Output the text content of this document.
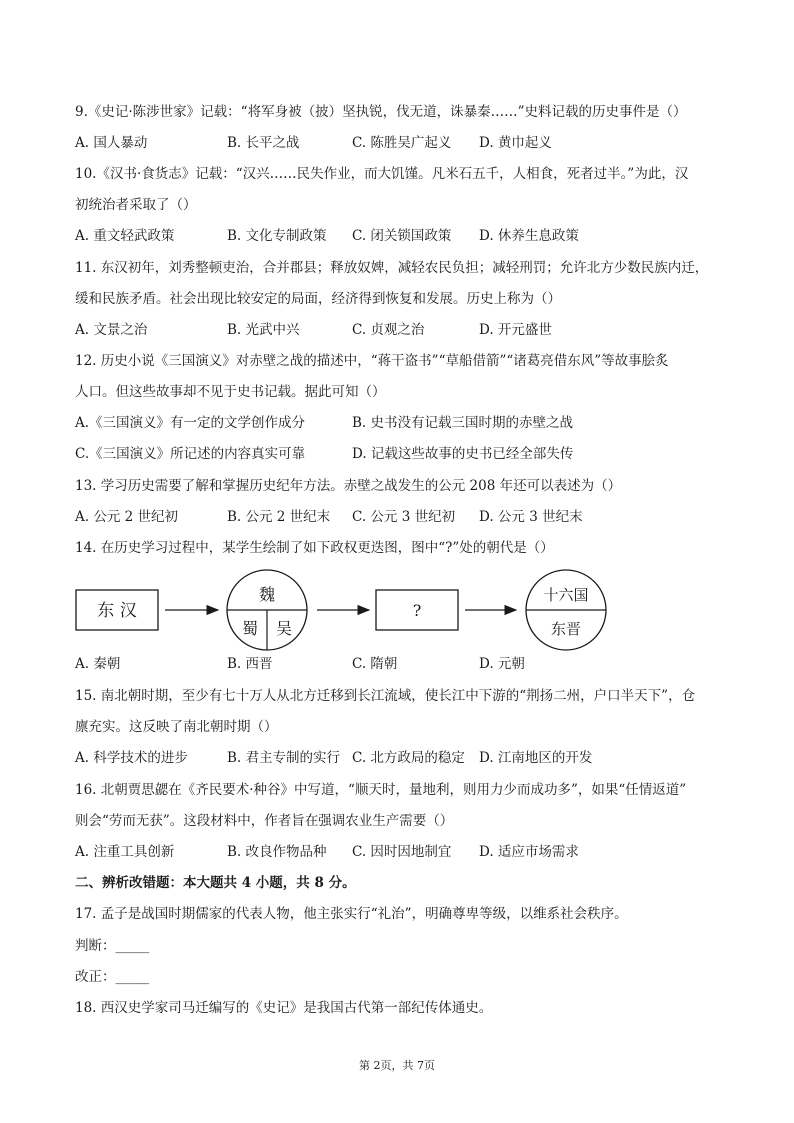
9.《史记·陈涉世家》记载：“将军身被（披）坚执锐，伐无道，诛暴秦……”史料记载的历史事件是（）
A. 国人暴动	B. 长平之战	C. 陈胜吴广起义 D. 黄巾起义
10.《汉书·食货志》记载：“汉兴……民失作业，而大饥馑。凡米石五千，人相食，死者过半。”为此，汉
初统治者采取了（）
A. 重文轻武政策	B. 文化专制政策 C. 闭关锁国政策 D. 休养生息政策
11. 东汉初年，刘秀整顿吏治，合并郡县；释放奴婢，减轻农民负担；减轻刑罚；允许北方少数民族内迁，
缓和民族矛盾。社会出现比较安定的局面，经济得到恢复和发展。历史上称为（）
A. 文景之治	B. 光武中兴	C. 贞观之治	D. 开元盛世
12. 历史小说《三国演义》对赤壁之战的描述中，“蒋干盗书”“草船借箭”“诸葛亮借东风”等故事脍炙
人口。但这些故事却不见于史书记载。据此可知（）
A.《三国演义》有一定的文学创作成分	B. 史书没有记载三国时期的赤壁之战
C.《三国演义》所记述的内容真实可靠	D. 记载这些故事的史书已经全部失传
13. 学习历史需要了解和掌握历史纪年方法。赤壁之战发生的公元 208 年还可以表述为（）
A. 公元 2 世纪初	B. 公元 2 世纪末 C. 公元 3 世纪初 D. 公元 3 世纪末
14. 在历史学习过程中，某学生绘制了如下政权更迭图，图中“?”处的朝代是（）
东 汉
魏
蜀 吴
?
十六国
东晋
A. 秦朝	B. 西晋	C. 隋朝	D. 元朝
15. 南北朝时期，至少有七十万人从北方迁移到长江流域，使长江中下游的“荆扬二州，户口半天下”，仓
廪充实。这反映了南北朝时期（）
A. 科学技术的进步	B. 君主专制的实行 C. 北方政局的稳定 D. 江南地区的开发
16. 北朝贾思勰在《齐民要术·种谷》中写道，“顺天时，量地利，则用力少而成功多”，如果“任情返道”
则会“劳而无获”。这段材料中，作者旨在强调农业生产需要（）
A. 注重工具创新	B. 改良作物品种 C. 因时因地制宜 D. 适应市场需求
二、辨析改错题：本大题共 4 小题，共 8 分。
17. 孟子是战国时期儒家的代表人物，他主张实行“礼治”，明确尊卑等级，以维系社会秩序。
判断：_____
改正：_____
18. 西汉史学家司马迁编写的《史记》是我国古代第一部纪传体通史。
第 2页，共 7页
